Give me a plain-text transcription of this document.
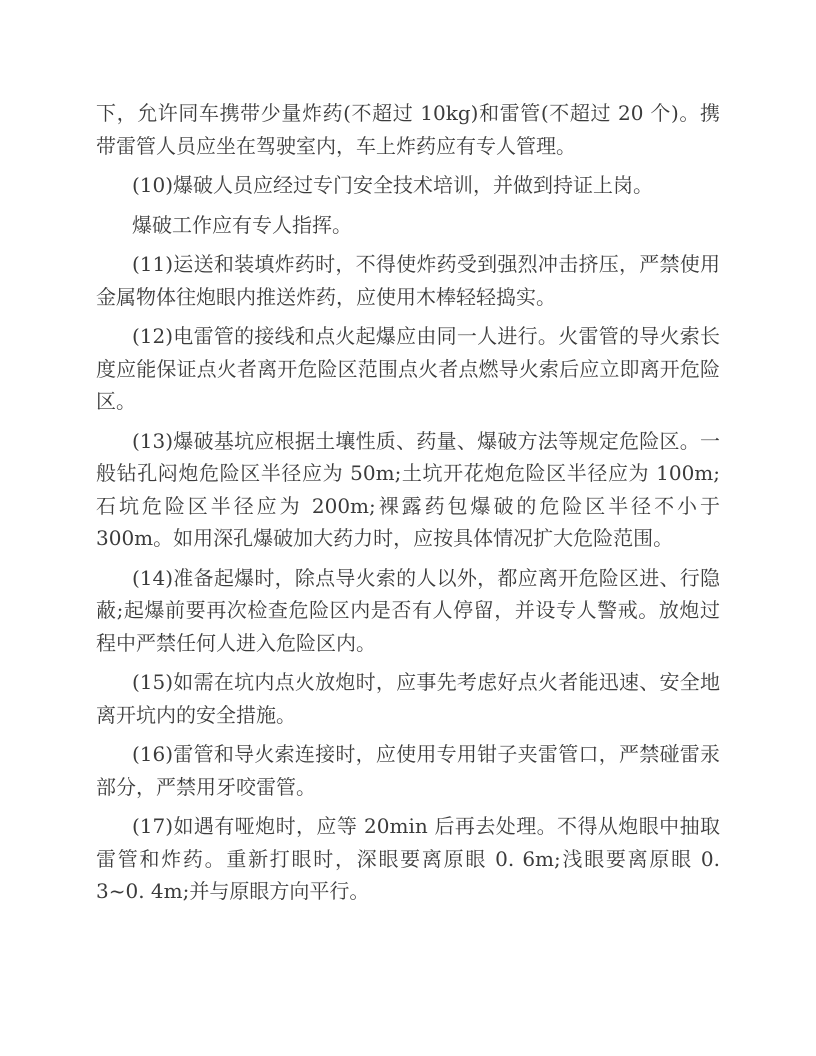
下，允许同车携带少量炸药(不超过 10kg)和雷管(不超过 20 个)。携带雷管人员应坐在驾驶室内，车上炸药应有专人管理。

(10)爆破人员应经过专门安全技术培训，并做到持证上岗。

爆破工作应有专人指挥。

(11)运送和装填炸药时，不得使炸药受到强烈冲击挤压，严禁使用金属物体往炮眼内推送炸药，应使用木棒轻轻捣实。

(12)电雷管的接线和点火起爆应由同一人进行。火雷管的导火索长度应能保证点火者离开危险区范围点火者点燃导火索后应立即离开危险区。

(13)爆破基坑应根据土壤性质、药量、爆破方法等规定危险区。一般钻孔闷炮危险区半径应为 50m;土坑开花炮危险区半径应为 100m;石坑危险区半径应为 200m;裸露药包爆破的危险区半径不小于 300m。如用深孔爆破加大药力时，应按具体情况扩大危险范围。

(14)准备起爆时，除点导火索的人以外，都应离开危险区进、行隐蔽;起爆前要再次检查危险区内是否有人停留，并设专人警戒。放炮过程中严禁任何人进入危险区内。

(15)如需在坑内点火放炮时，应事先考虑好点火者能迅速、安全地离开坑内的安全措施。

(16)雷管和导火索连接时，应使用专用钳子夹雷管口，严禁碰雷汞部分，严禁用牙咬雷管。

(17)如遇有哑炮时，应等 20min 后再去处理。不得从炮眼中抽取雷管和炸药。重新打眼时，深眼要离原眼 0. 6m;浅眼要离原眼 0. 3~0. 4m;并与原眼方向平行。
